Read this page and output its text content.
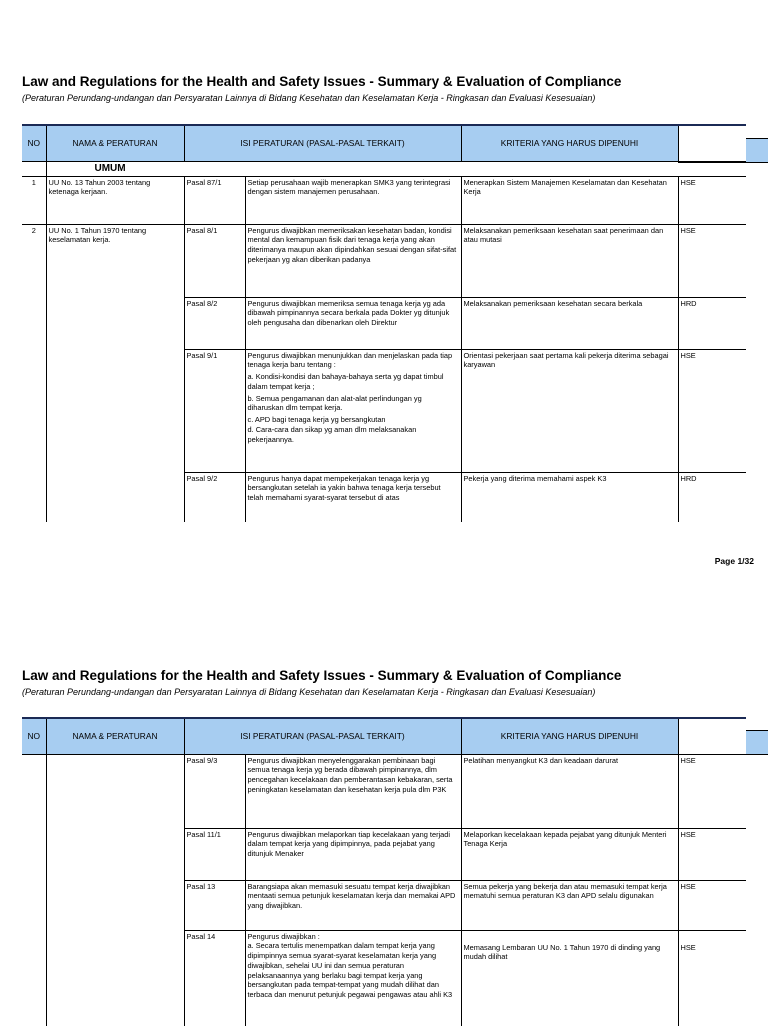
Law and Regulations for the Health and Safety Issues - Summary & Evaluation of Compliance
(Peraturan Perundang-undangan dan Persyaratan Lainnya di Bidang Kesehatan dan Keselamatan Kerja - Ringkasan dan Evaluasi Kesesuaian)
NO	NAMA & PERATURAN	ISI PERATURAN (PASAL-PASAL TERKAIT)		KRITERIA YANG HARUS DIPENUHI	

	UMUM				

1	UU No. 13 Tahun 2003 tentang ketenaga kerjaan.	Pasal 87/1	Setiap perusahaan wajib menerapkan SMK3 yang terintegrasi dengan sistem manajemen perusahaan.	Menerapkan Sistem Manajemen Keselamatan dan Kesehatan Kerja	HSE
2	UU No. 1 Tahun 1970 tentang keselamatan kerja.	Pasal 8/1	Pengurus diwajibkan memeriksakan kesehatan badan, kondisi mental dan kemampuan fisik dari tenaga kerja yang akan diterimanya maupun akan dipindahkan sesuai dengan sifat-sifat pekerjaan yg akan diberikan padanya	Melaksanakan pemeriksaan kesehatan saat penerimaan dan atau mutasi	HSE
		Pasal 8/2	Pengurus diwajibkan memeriksa semua tenaga kerja yg ada dibawah pimpinannya secara berkala pada Dokter yg ditunjuk oleh pengusaha dan dibenarkan oleh Direktur	Melaksanakan pemeriksaan kesehatan secara berkala	HRD
		Pasal 9/1	Pengurus diwajibkan menunjukkan dan menjelaskan pada tiap tenaga kerja baru tentang :
a. Kondisi-kondisi dan bahaya-bahaya serta yg dapat timbul dalam tempat kerja ;
b. Semua pengamanan dan alat-alat perlindungan yg diharuskan dlm tempat kerja.
c. APD bagi tenaga kerja yg bersangkutan
d. Cara-cara dan sikap yg aman dlm melaksanakan pekerjaannya.	Orientasi pekerjaan saat pertama kali pekerja diterima sebagai karyawan	HSE
		Pasal 9/2	Pengurus hanya dapat mempekerjakan tenaga kerja yg bersangkutan setelah ia yakin bahwa tenaga kerja tersebut telah memahami syarat-syarat tersebut di atas	Pekerja yang diterima memahami aspek K3	HRD
Page 1/32
Law and Regulations for the Health and Safety Issues - Summary & Evaluation of Compliance
(Peraturan Perundang-undangan dan Persyaratan Lainnya di Bidang Kesehatan dan Keselamatan Kerja - Ringkasan dan Evaluasi Kesesuaian)
NO	NAMA & PERATURAN	ISI PERATURAN (PASAL-PASAL TERKAIT)		KRITERIA YANG HARUS DIPENUHI	
		Pasal 9/3	Pengurus diwajibkan menyelenggarakan pembinaan bagi semua tenaga kerja yg berada dibawah pimpinannya, dlm pencegahan kecelakaan dan pemberantasan kebakaran, serta peningkatan keselamatan dan kesehatan kerja pula dlm P3K	Pelatihan menyangkut K3 dan keadaan darurat	HSE
		Pasal 11/1	Pengurus diwajibkan melaporkan tiap kecelakaan yang terjadi dalam tempat kerja yang dipimpinnya, pada pejabat yang ditunjuk Menaker	Melaporkan kecelakaan kepada pejabat yang ditunjuk Menteri Tenaga Kerja	HSE
		Pasal 13	Barangsiapa akan memasuki sesuatu tempat kerja diwajibkan mentaati semua petunjuk keselamatan kerja dan memakai APD yang diwajibkan.	Semua pekerja yang bekerja dan atau memasuki tempat kerja mematuhi semua peraturan K3 dan APD selalu digunakan	HSE
		Pasal 14	Pengurus diwajibkan :
a. Secara tertulis menempatkan dalam tempat kerja yang dipimpinnya semua syarat-syarat keselamatan kerja yang diwajibkan, sehelai UU ini dan semua peraturan pelaksanaannya yang berlaku bagi tempat kerja yang bersangkutan pada tempat-tempat yang mudah dilihat dan terbaca dan menurut petunjuk pegawai pengawas atau ahli K3	Memasang Lembaran UU No. 1 Tahun 1970 di dinding yang mudah dilihat	HSE
